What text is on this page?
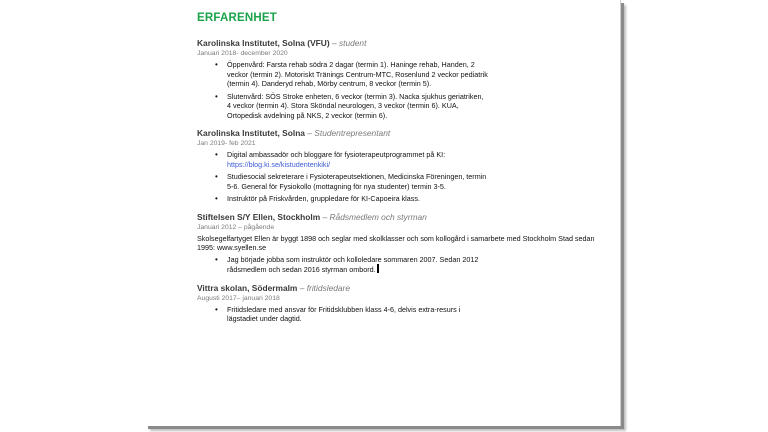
ERFARENHET
Karolinska Institutet, Solna (VFU) – student
Januari 2018- december 2020
• Öppenvård: Farsta rehab södra 2 dagar (termin 1). Haninge rehab, Handen, 2 veckor (termin 2). Motoriskt Tränings Centrum-MTC, Rosenlund 2 veckor pediatrik (termin 4). Danderyd rehab, Mörby centrum, 8 veckor (termin 5).
• Slutenvård: SÖS Stroke enheten, 6 veckor (termin 3). Nacka sjukhus geriatriken, 4 veckor (termin 4). Stora Sköndal neurologen, 3 veckor (termin 6). KUA, Ortopedisk avdelning på NKS, 2 veckor (termin 6).
Karolinska Institutet, Solna – Studentrepresentant
Jan 2019- feb 2021
• Digital ambassadör och bloggare för fysioterapeutprogrammet på KI: https://blog.ki.se/kistudentenkiki/
• Studiesocial sekreterare i Fysioterapeutsektionen, Medicinska Föreningen, termin 5-6. General för Fysiokollo (mottagning för nya studenter) termin 3-5.
• Instruktör på Friskvården, gruppledare för KI-Capoeira klass.
Stiftelsen S/Y Ellen, Stockholm – Rådsmedlem och styrman
Januari 2012 – pågående
Skolsegelfartyget Ellen är byggt 1898 och seglar med skolklasser och som kollogård i samarbete med Stockholm Stad sedan 1995: www.syellen.se
• Jag började jobba som instruktör och kolloledare sommaren 2007. Sedan 2012 rådsmedlem och sedan 2016 styrman ombord.
Vittra skolan, Södermalm – fritidsledare
Augusti 2017– januari 2018
• Fritidsledare med ansvar för Fritidsklubben klass 4-6, delvis extra-resurs i lägstadiet under dagtid.
